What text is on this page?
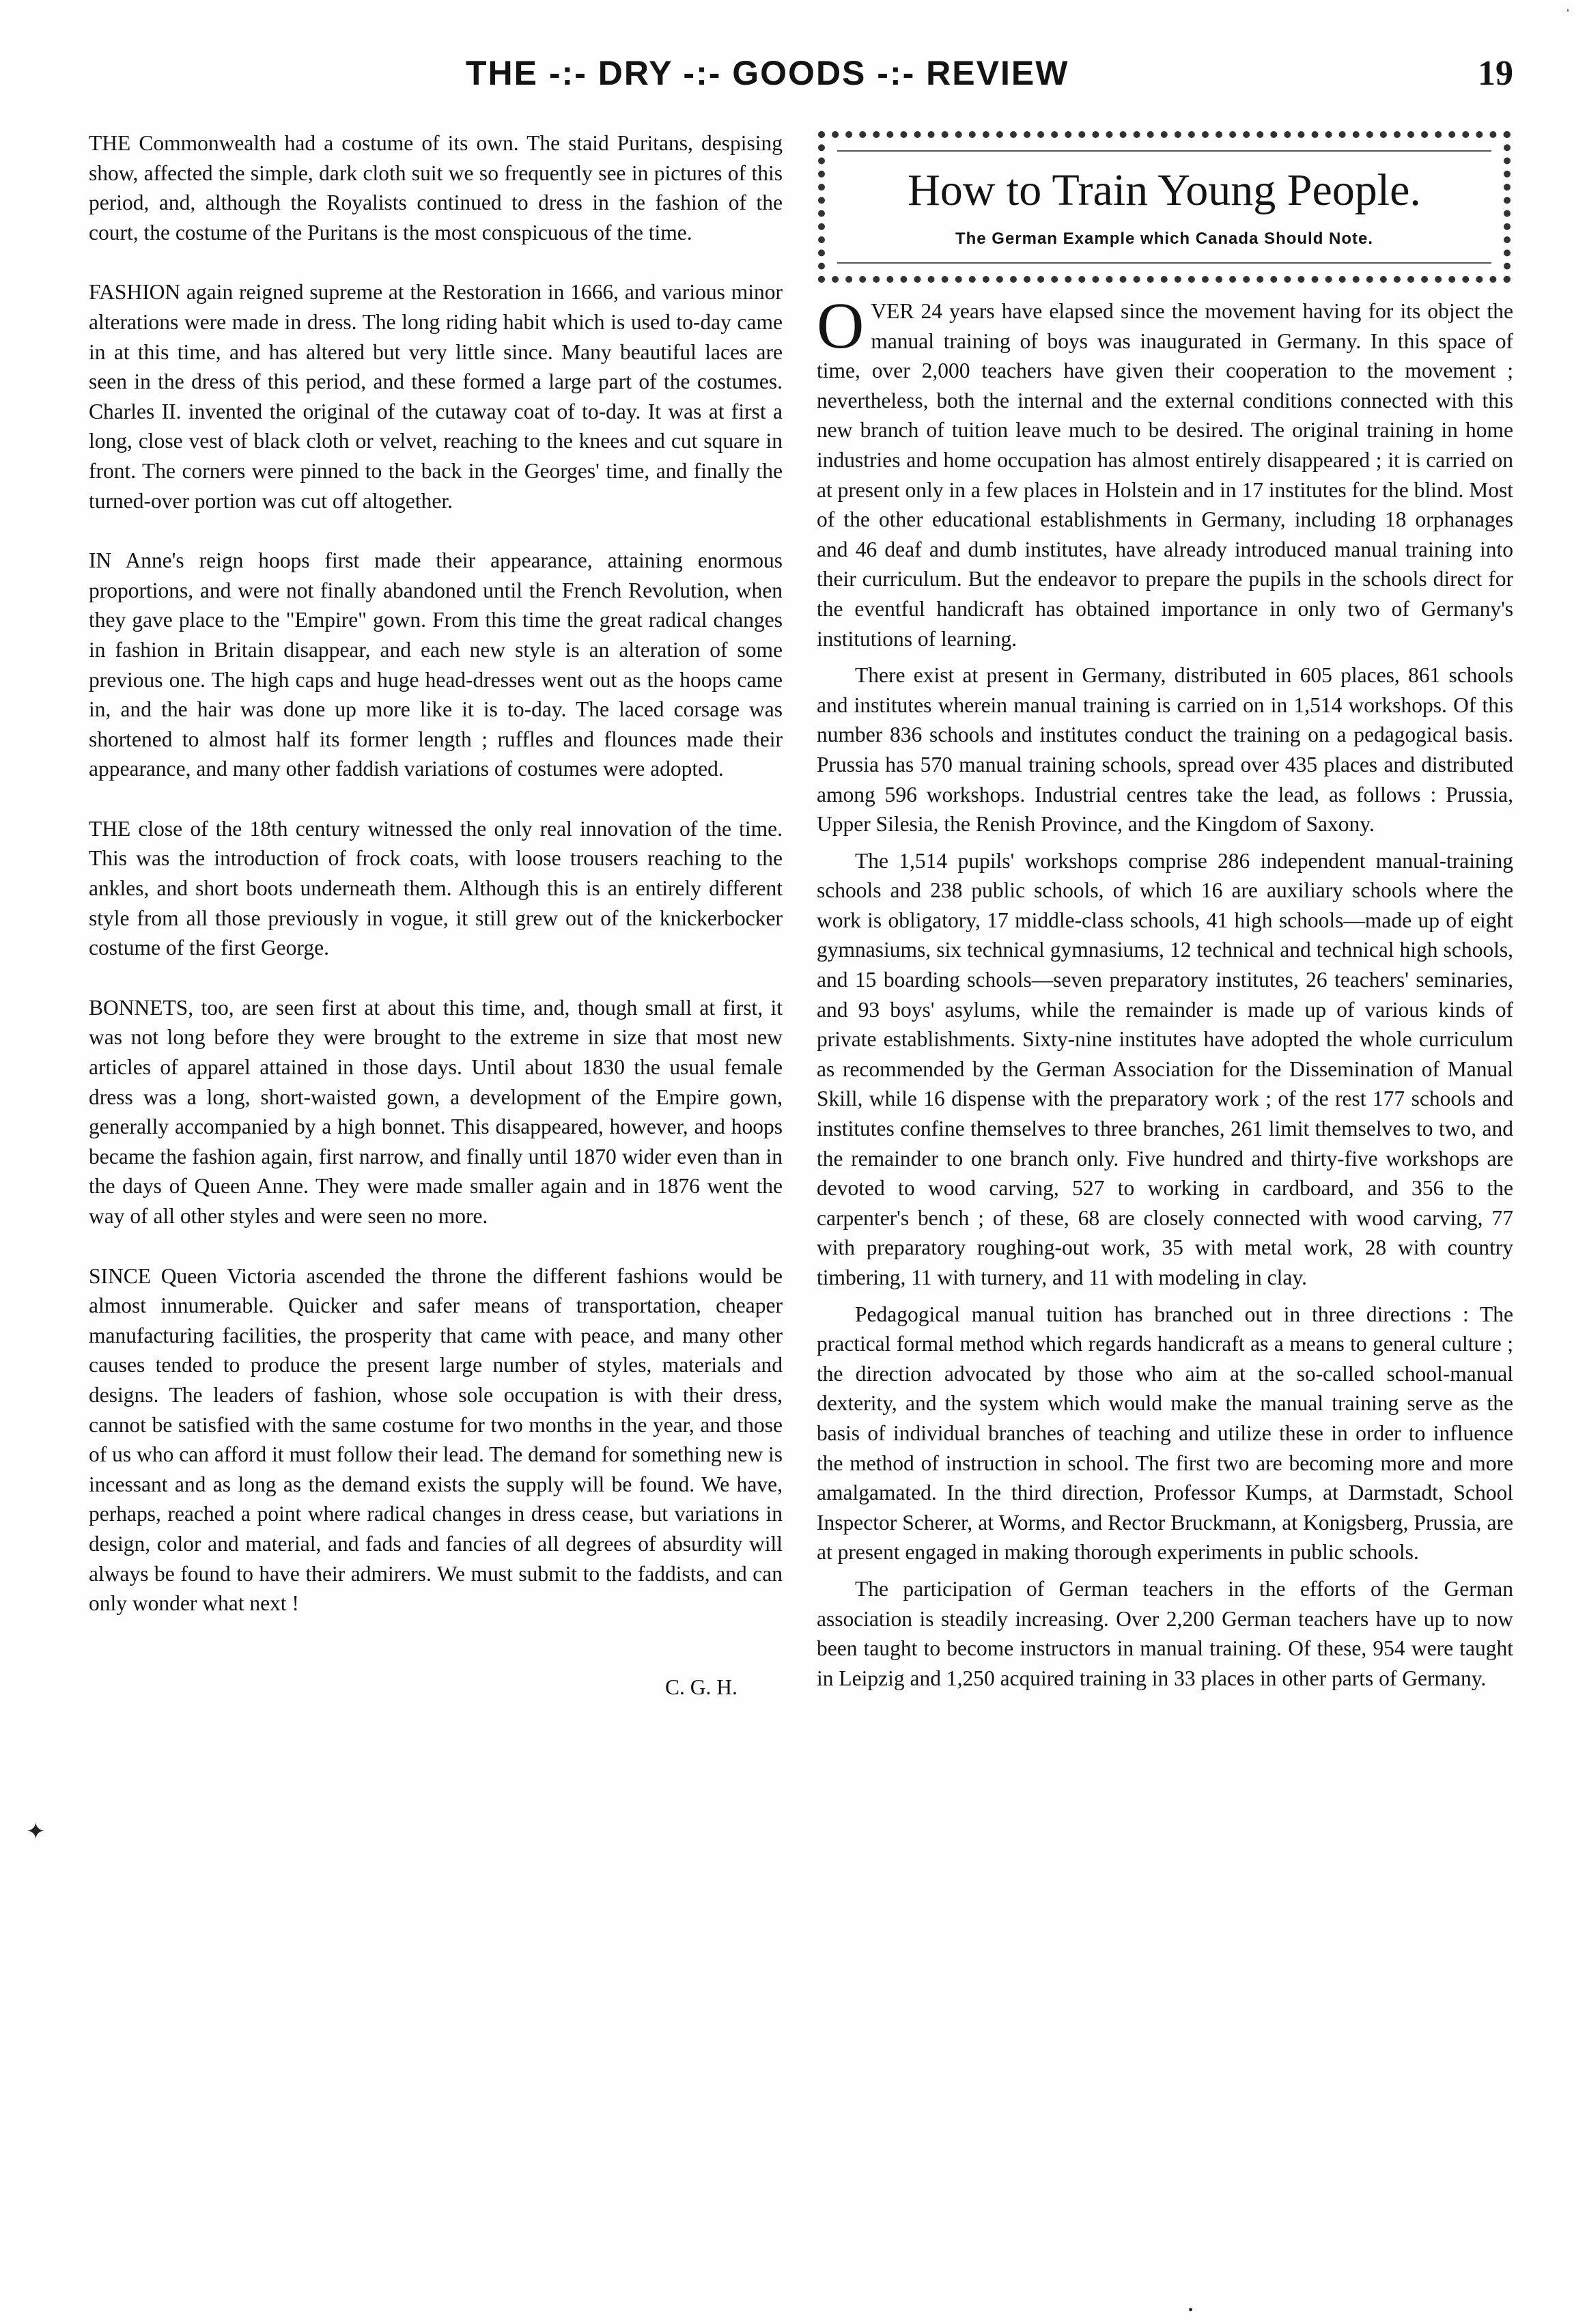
THE -:- DRY -:- GOODS -:- REVIEW	19

THE Commonwealth had a costume of its own. The staid Puritans, despising show, affected the simple, dark cloth suit we so frequently see in pictures of this period, and, although the Royalists continued to dress in the fashion of the court, the costume of the Puritans is the most conspicuous of the time.

FASHION again reigned supreme at the Restoration in 1666, and various minor alterations were made in dress. The long riding habit which is used to-day came in at this time, and has altered but very little since. Many beautiful laces are seen in the dress of this period, and these formed a large part of the costumes. Charles II. invented the original of the cutaway coat of to-day. It was at first a long, close vest of black cloth or velvet, reaching to the knees and cut square in front. The corners were pinned to the back in the Georges' time, and finally the turned-over portion was cut off altogether.

IN Anne's reign hoops first made their appearance, attaining enormous proportions, and were not finally abandoned until the French Revolution, when they gave place to the "Empire" gown. From this time the great radical changes in fashion in Britain disappear, and each new style is an alteration of some previous one. The high caps and huge head-dresses went out as the hoops came in, and the hair was done up more like it is to-day. The laced corsage was shortened to almost half its former length ; ruffles and flounces made their appearance, and many other faddish variations of costumes were adopted.

THE close of the 18th century witnessed the only real innovation of the time. This was the introduction of frock coats, with loose trousers reaching to the ankles, and short boots underneath them. Although this is an entirely different style from all those previously in vogue, it still grew out of the knickerbocker costume of the first George.

BONNETS, too, are seen first at about this time, and, though small at first, it was not long before they were brought to the extreme in size that most new articles of apparel attained in those days. Until about 1830 the usual female dress was a long, short-waisted gown, a development of the Empire gown, generally accompanied by a high bonnet. This disappeared, however, and hoops became the fashion again, first narrow, and finally until 1870 wider even than in the days of Queen Anne. They were made smaller again and in 1876 went the way of all other styles and were seen no more.

SINCE Queen Victoria ascended the throne the different fashions would be almost innumerable. Quicker and safer means of transportation, cheaper manufacturing facilities, the prosperity that came with peace, and many other causes tended to produce the present large number of styles, materials and designs. The leaders of fashion, whose sole occupation is with their dress, cannot be satisfied with the same costume for two months in the year, and those of us who can afford it must follow their lead. The demand for something new is incessant and as long as the demand exists the supply will be found. We have, perhaps, reached a point where radical changes in dress cease, but variations in design, color and material, and fads and fancies of all degrees of absurdity will always be found to have their admirers. We must submit to the faddists, and can only wonder what next !

C. G. H.
How to Train Young People.
The German Example which Canada Should Note.

OVER 24 years have elapsed since the movement having for its object the manual training of boys was inaugurated in Germany. In this space of time, over 2,000 teachers have given their cooperation to the movement ; nevertheless, both the internal and the external conditions connected with this new branch of tuition leave much to be desired. The original training in home industries and home occupation has almost entirely disappeared ; it is carried on at present only in a few places in Holstein and in 17 institutes for the blind. Most of the other educational establishments in Germany, including 18 orphanages and 46 deaf and dumb institutes, have already introduced manual training into their curriculum. But the endeavor to prepare the pupils in the schools direct for the eventful handicraft has obtained importance in only two of Germany's institutions of learning.

There exist at present in Germany, distributed in 605 places, 861 schools and institutes wherein manual training is carried on in 1,514 workshops. Of this number 836 schools and institutes conduct the training on a pedagogical basis. Prussia has 570 manual training schools, spread over 435 places and distributed among 596 workshops. Industrial centres take the lead, as follows : Prussia, Upper Silesia, the Renish Province, and the Kingdom of Saxony.

The 1,514 pupils' workshops comprise 286 independent manual-training schools and 238 public schools, of which 16 are auxiliary schools where the work is obligatory, 17 middle-class schools, 41 high schools—made up of eight gymnasiums, six technical gymnasiums, 12 technical and technical high schools, and 15 boarding schools—seven preparatory institutes, 26 teachers' seminaries, and 93 boys' asylums, while the remainder is made up of various kinds of private establishments. Sixty-nine institutes have adopted the whole curriculum as recommended by the German Association for the Dissemination of Manual Skill, while 16 dispense with the preparatory work ; of the rest 177 schools and institutes confine themselves to three branches, 261 limit themselves to two, and the remainder to one branch only. Five hundred and thirty-five workshops are devoted to wood carving, 527 to working in cardboard, and 356 to the carpenter's bench ; of these, 68 are closely connected with wood carving, 77 with preparatory roughing-out work, 35 with metal work, 28 with country timbering, 11 with turnery, and 11 with modeling in clay.

Pedagogical manual tuition has branched out in three directions : The practical formal method which regards handicraft as a means to general culture ; the direction advocated by those who aim at the so-called school-manual dexterity, and the system which would make the manual training serve as the basis of individual branches of teaching and utilize these in order to influence the method of instruction in school. The first two are becoming more and more amalgamated. In the third direction, Professor Kumps, at Darmstadt, School Inspector Scherer, at Worms, and Rector Bruckmann, at Konigsberg, Prussia, are at present engaged in making thorough experiments in public schools.

The participation of German teachers in the efforts of the German association is steadily increasing. Over 2,200 German teachers have up to now been taught to become instructors in manual training. Of these, 954 were taught in Leipzig and 1,250 acquired training in 33 places in other parts of Germany.

✦
•
ˈ
